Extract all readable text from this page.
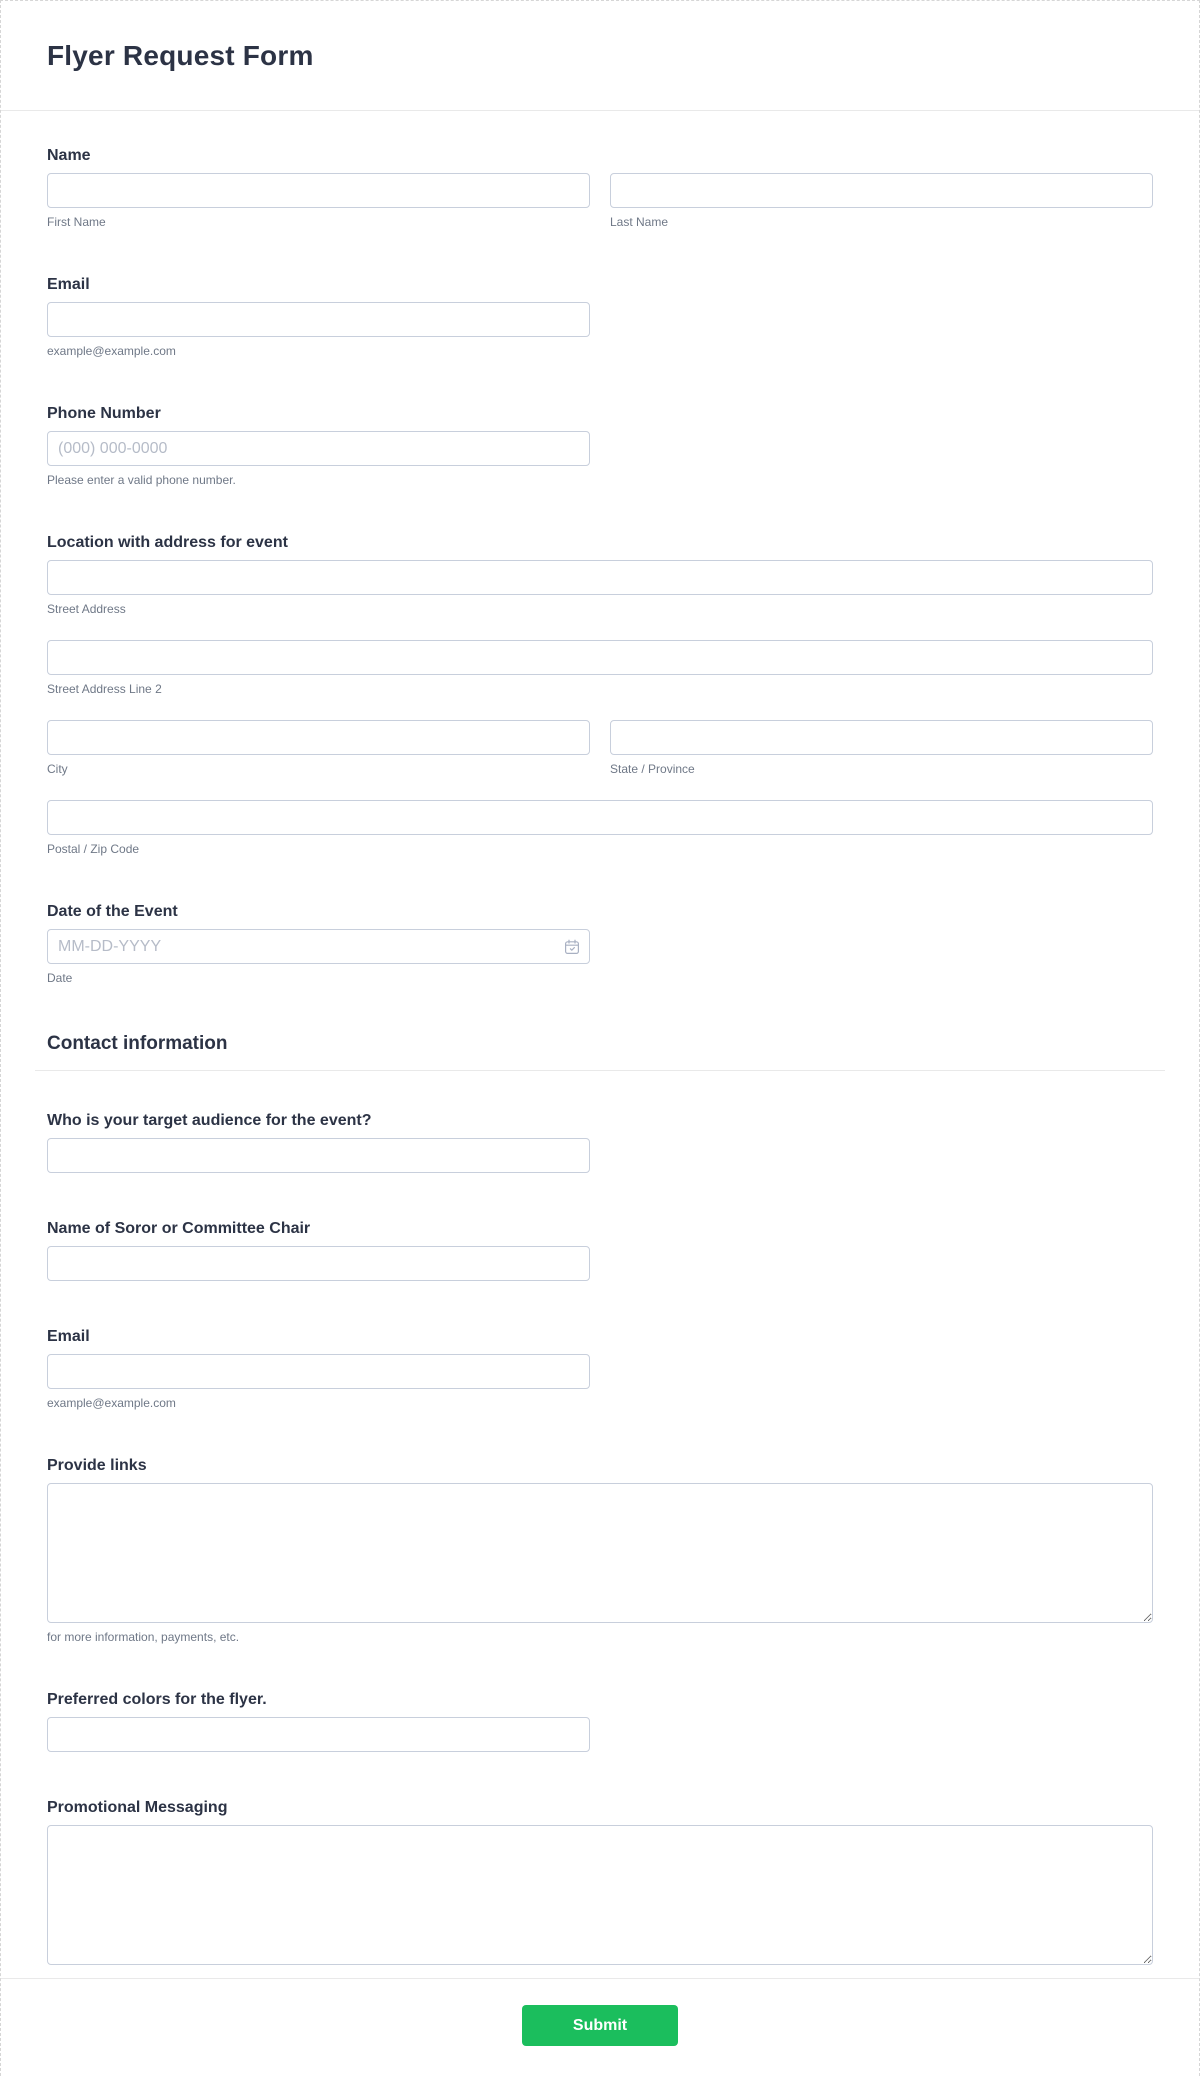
Flyer Request Form
Name
First Name	Last Name
Email
example@example.com
Phone Number
(000) 000-0000
Please enter a valid phone number.
Location with address for event
Street Address
Street Address Line 2
City	State / Province
Postal / Zip Code
Date of the Event
MM-DD-YYYY
Date
Contact information
Who is your target audience for the event?
Name of Soror or Committee Chair
Email
example@example.com
Provide links
for more information, payments, etc.
Preferred colors for the flyer.
Promotional Messaging
Submit
